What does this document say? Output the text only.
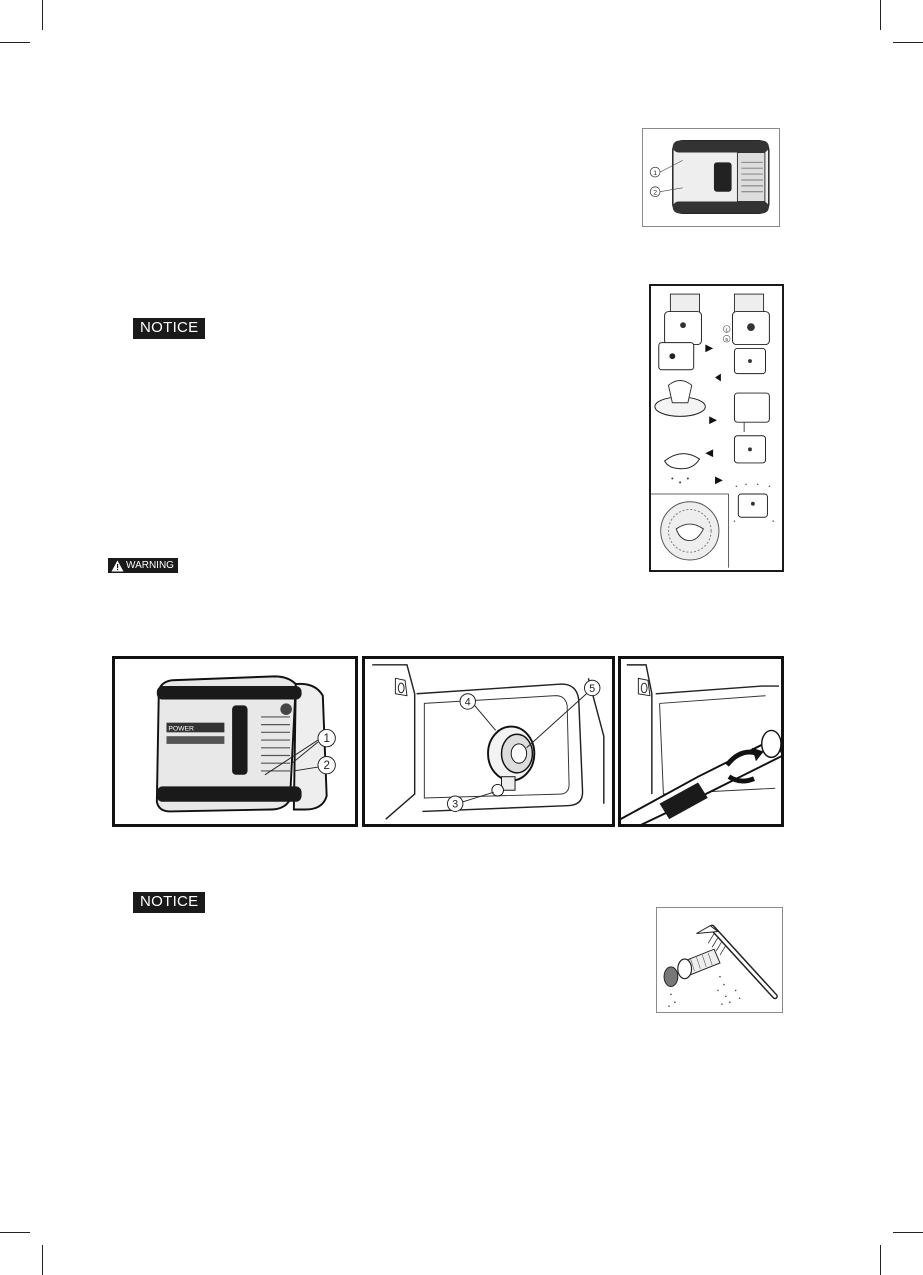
1
2
NOTICE	1
5
WARNING
POWER
1
2
4
5
3
NOTICE
